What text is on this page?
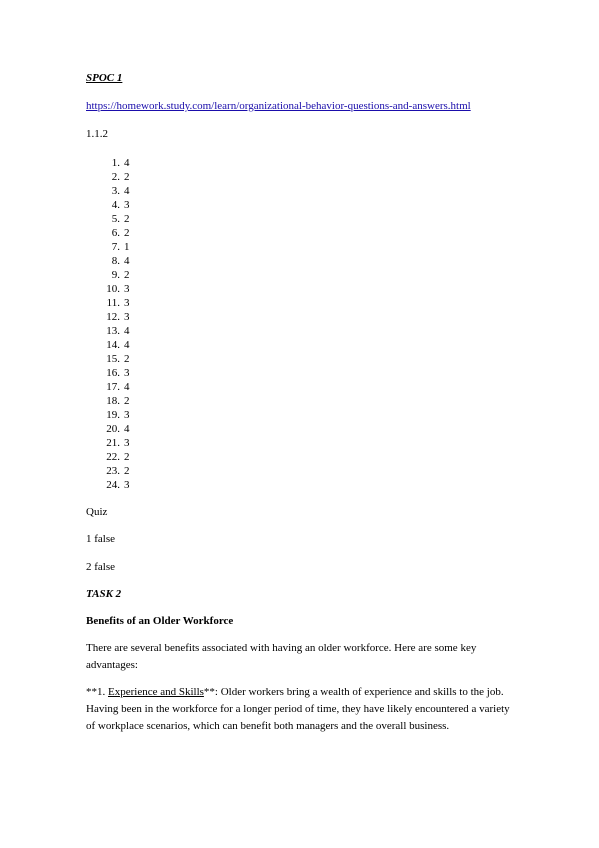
SPOC 1
https://homework.study.com/learn/organizational-behavior-questions-and-answers.html
1.1.2
1. 4
2. 2
3. 4
4. 3
5. 2
6. 2
7. 1
8. 4
9. 2
10. 3
11. 3
12. 3
13. 4
14. 4
15. 2
16. 3
17. 4
18. 2
19. 3
20. 4
21. 3
22. 2
23. 2
24. 3
Quiz
1 false
2 false
TASK 2
Benefits of an Older Workforce
There are several benefits associated with having an older workforce. Here are some key advantages:
**1. Experience and Skills**: Older workers bring a wealth of experience and skills to the job. Having been in the workforce for a longer period of time, they have likely encountered a variety of workplace scenarios, which can benefit both managers and the overall business.
